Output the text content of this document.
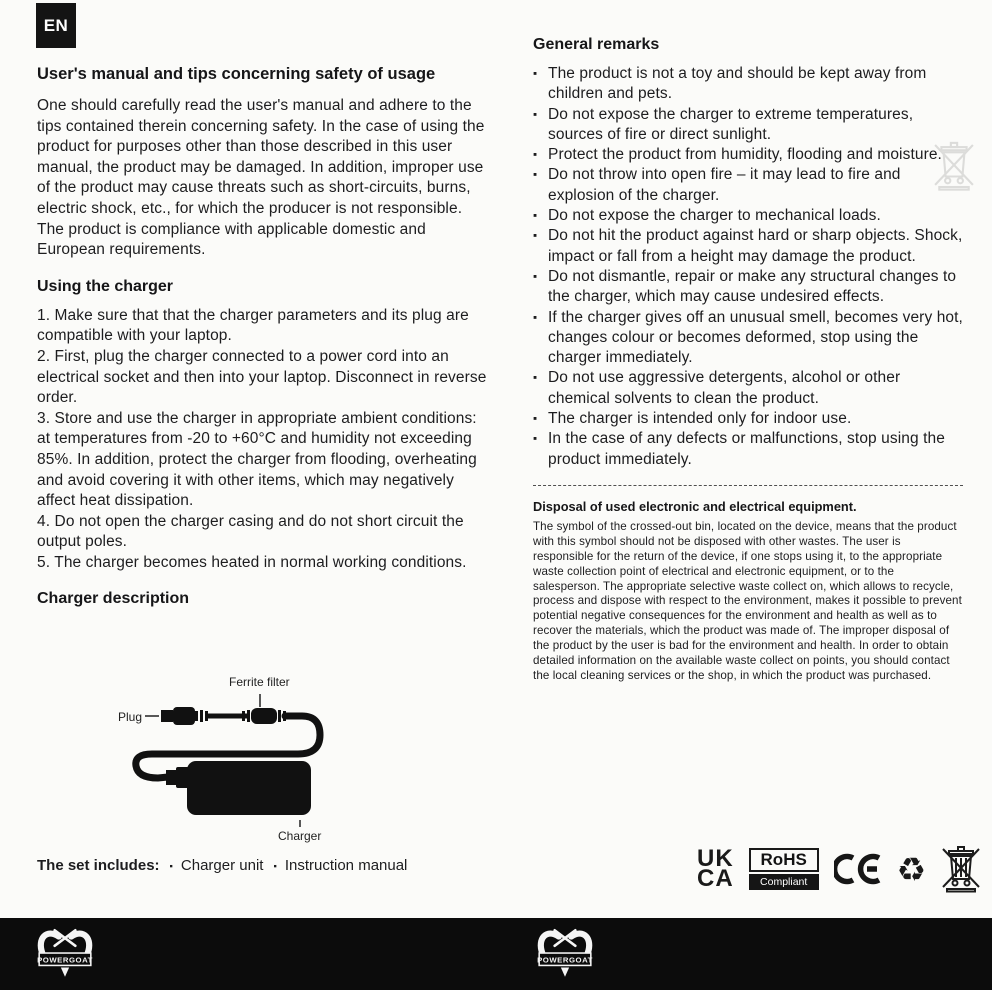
EN
User's manual and tips concerning safety of usage

One should carefully read the user's manual and adhere to the tips contained therein concerning safety. In the case of using the product for purposes other than those described in this user manual, the product may be damaged. In addition, improper use of the product may cause threats such as short-circuits, burns, electric shock, etc., for which the producer is not responsible. The product is compliance with applicable domestic and European requirements.

Using the charger

1. Make sure that that the charger parameters and its plug are compatible with your laptop.

2. First, plug the charger connected to a power cord into an electrical socket and then into your laptop. Disconnect in reverse order.

3. Store and use the charger in appropriate ambient conditions: at temperatures from -20 to +60°C and humidity not exceeding 85%. In addition, protect the charger from flooding, overheating and avoid covering it with other items, which may negatively affect heat dissipation.

4. Do not open the charger casing and do not short circuit the output poles.

5. The charger becomes heated in normal working conditions.

Charger description
Ferrite filter
Plug
Charger
The set includes: ▪ Charger unit ▪ Instruction manual
General remarks
▪ The product is not a toy and should be kept away from children and pets.
▪ Do not expose the charger to extreme temperatures, sources of fire or direct sunlight.
▪ Protect the product from humidity, flooding and moisture.
▪ Do not throw into open fire – it may lead to fire and explosion of the charger.
▪ Do not expose the charger to mechanical loads.
▪ Do not hit the product against hard or sharp objects. Shock, impact or fall from a height may damage the product.
▪ Do not dismantle, repair or make any structural changes to the charger, which may cause undesired effects.
▪ If the charger gives off an unusual smell, becomes very hot, changes colour or becomes deformed, stop using the charger immediately.
▪ Do not use aggressive detergents, alcohol or other chemical solvents to clean the product.
▪ The charger is intended only for indoor use.
▪ In the case of any defects or malfunctions, stop using the product immediately.
Disposal of used electronic and electrical equipment.

The symbol of the crossed-out bin, located on the device, means that the product with this symbol should not be disposed with other wastes. The user is responsible for the return of the device, if one stops using it, to the appropriate waste collection point of electrical and electronic equipment, or to the salesperson. The appropriate selective waste collect on, which allows to recycle, process and dispose with respect to the environment, makes it possible to prevent potential negative consequences for the environment and health as well as to recover the materials, which the product was made of. The improper disposal of the product by the user is bad for the environment and health. In order to obtain detailed information on the available waste collect on points, you should contact the local cleaning services or the shop, in which the product was purchased.

UK
CA
RoHS
Compliant	♻
POWERGOAT	POWERGOAT
